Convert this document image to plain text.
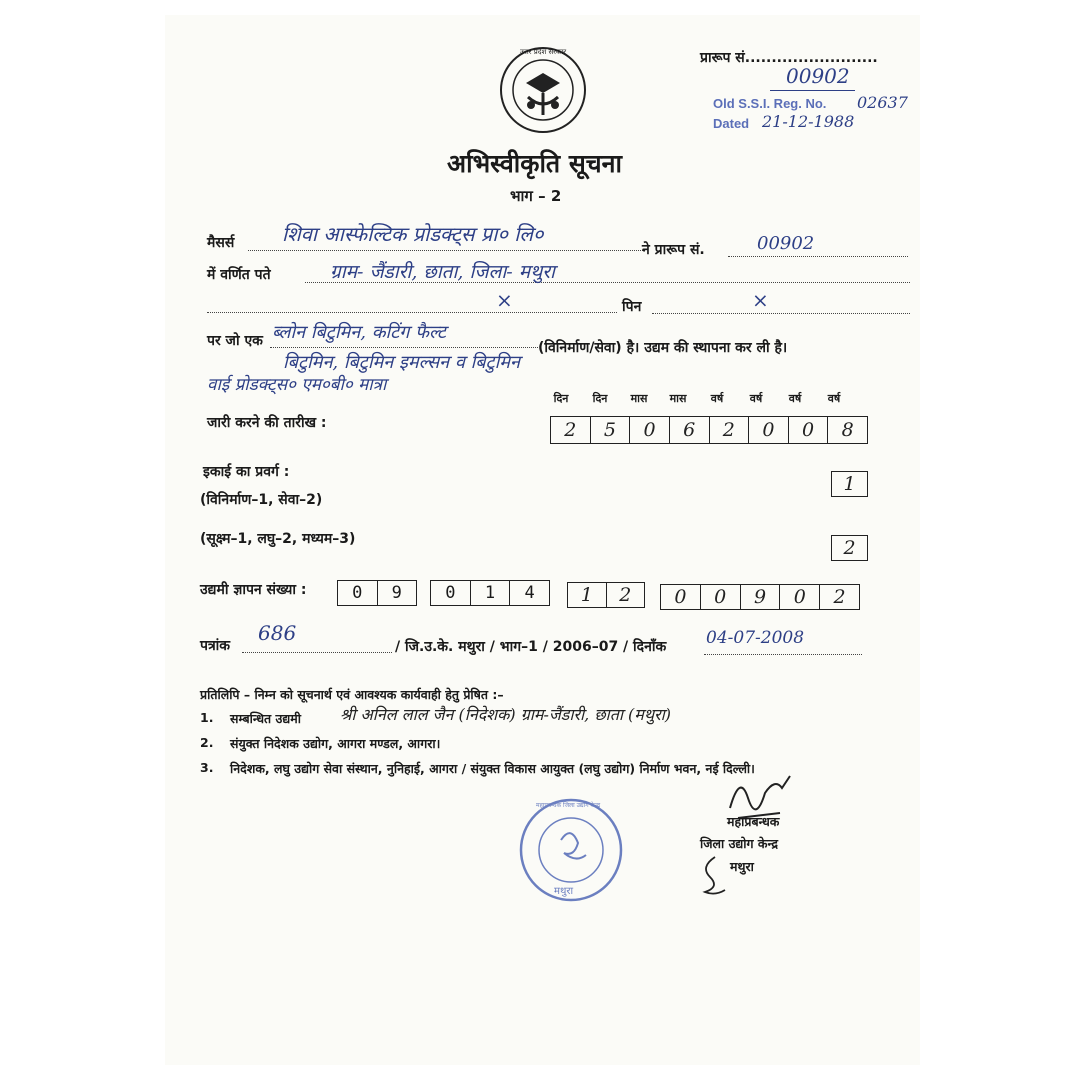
उत्तर प्रदेश सरकार	प्रारूप सं.........................
00902
Old S.S.I. Reg. No. 02637
Dated 21-12-1988
अभिस्वीकृति सूचना
भाग – 2
मैसर्स शिवा आस्फेल्टिक प्रोडक्ट्स प्रा० लि०
ने प्रारूप सं.	00902
में वर्णित पते	ग्राम- जैंडारी, छाता, जिला- मथुरा
×	पिन	×
पर जो एक ब्लोन बिटुमिन, कटिंग फैल्ट
(विनिर्माण/सेवा) है। उद्यम की स्थापना कर ली है।
बिटुमिन, बिटुमिन इमल्सन व बिटुमिन
वाई प्रोडक्ट्स० एम०बी० मात्रा
दिन दिन मास मास वर्ष वर्ष वर्ष वर्ष
जारी करने की तारीख :	2	5	0	6	2	0	0	8
इकाई का प्रवर्ग :
(विनिर्माण–1, सेवा–2)
1
(सूक्ष्म–1, लघु–2, मध्यम–3)	2
उद्यमी ज्ञापन संख्या :	0	9	0	1	4	1	2	0	0	9	0	2
पत्रांक
686
/ जि.उ.के. मथुरा / भाग–1 / 2006–07 / दिनाँक 04-07-2008
प्रतिलिपि – निम्न को सूचनार्थ एवं आवश्यक कार्यवाही हेतु प्रेषित :–
1. सम्बन्धित उद्यमी श्री अनिल लाल जैन (निदेशक) ग्राम-जैंडारी, छाता (मथुरा)
2. संयुक्त निदेशक उद्योग, आगरा मण्डल, आगरा।
3. निदेशक, लघु उद्योग सेवा संस्थान, नुनिहाई, आगरा / संयुक्त विकास आयुक्त (लघु उद्योग) निर्माण भवन, नई दिल्ली।
महाप्रबन्धक
जिला उद्योग केन्द्र
मथुरा
महाप्रबन्धक जिला उद्योग केन्द्र
मथुरा
